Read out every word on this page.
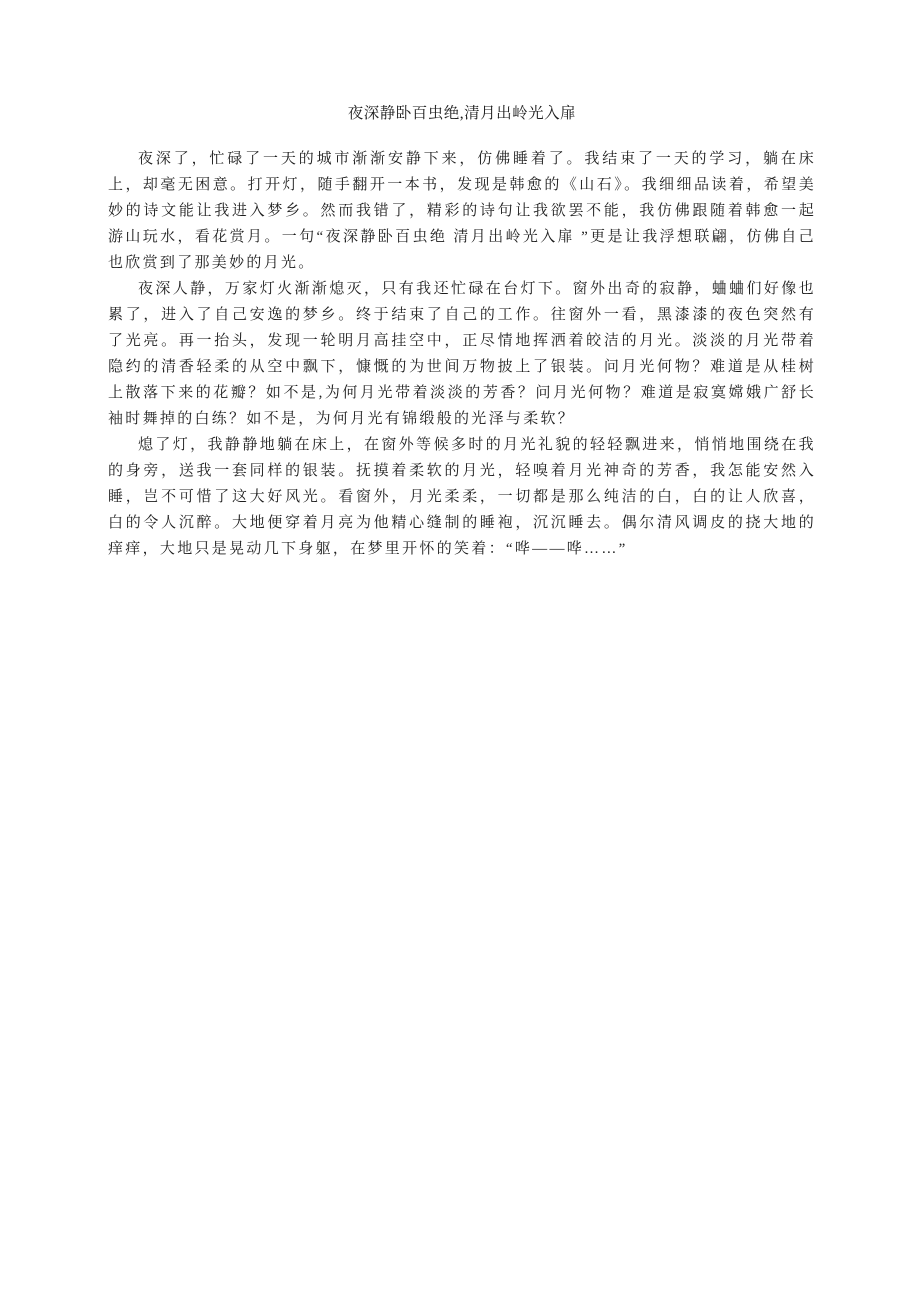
夜深静卧百虫绝,清月出岭光入扉

夜深了，忙碌了一天的城市渐渐安静下来，仿佛睡着了。我结束了一天的学习，躺在床上，却毫无困意。打开灯，随手翻开一本书，发现是韩愈的《山石》。我细细品读着，希望美妙的诗文能让我进入梦乡。然而我错了，精彩的诗句让我欲罢不能，我仿佛跟随着韩愈一起游山玩水，看花赏月。一句“夜深静卧百虫绝 清月出岭光入扉 ”更是让我浮想联翩，仿佛自己也欣赏到了那美妙的月光。

夜深人静，万家灯火渐渐熄灭，只有我还忙碌在台灯下。窗外出奇的寂静，蛐蛐们好像也累了，进入了自己安逸的梦乡。终于结束了自己的工作。往窗外一看，黑漆漆的夜色突然有了光亮。再一抬头，发现一轮明月高挂空中，正尽情地挥洒着皎洁的月光。淡淡的月光带着隐约的清香轻柔的从空中飘下，慷慨的为世间万物披上了银装。问月光何物？难道是从桂树上散落下来的花瓣？如不是,为何月光带着淡淡的芳香？问月光何物？难道是寂寞嫦娥广舒长袖时舞掉的白练？如不是，为何月光有锦缎般的光泽与柔软？

熄了灯，我静静地躺在床上，在窗外等候多时的月光礼貌的轻轻飘进来，悄悄地围绕在我的身旁，送我一套同样的银装。抚摸着柔软的月光，轻嗅着月光神奇的芳香，我怎能安然入睡，岂不可惜了这大好风光。看窗外，月光柔柔，一切都是那么纯洁的白，白的让人欣喜，白的令人沉醉。大地便穿着月亮为他精心缝制的睡袍，沉沉睡去。偶尔清风调皮的挠大地的痒痒，大地只是晃动几下身躯，在梦里开怀的笑着：“哗——哗……”
